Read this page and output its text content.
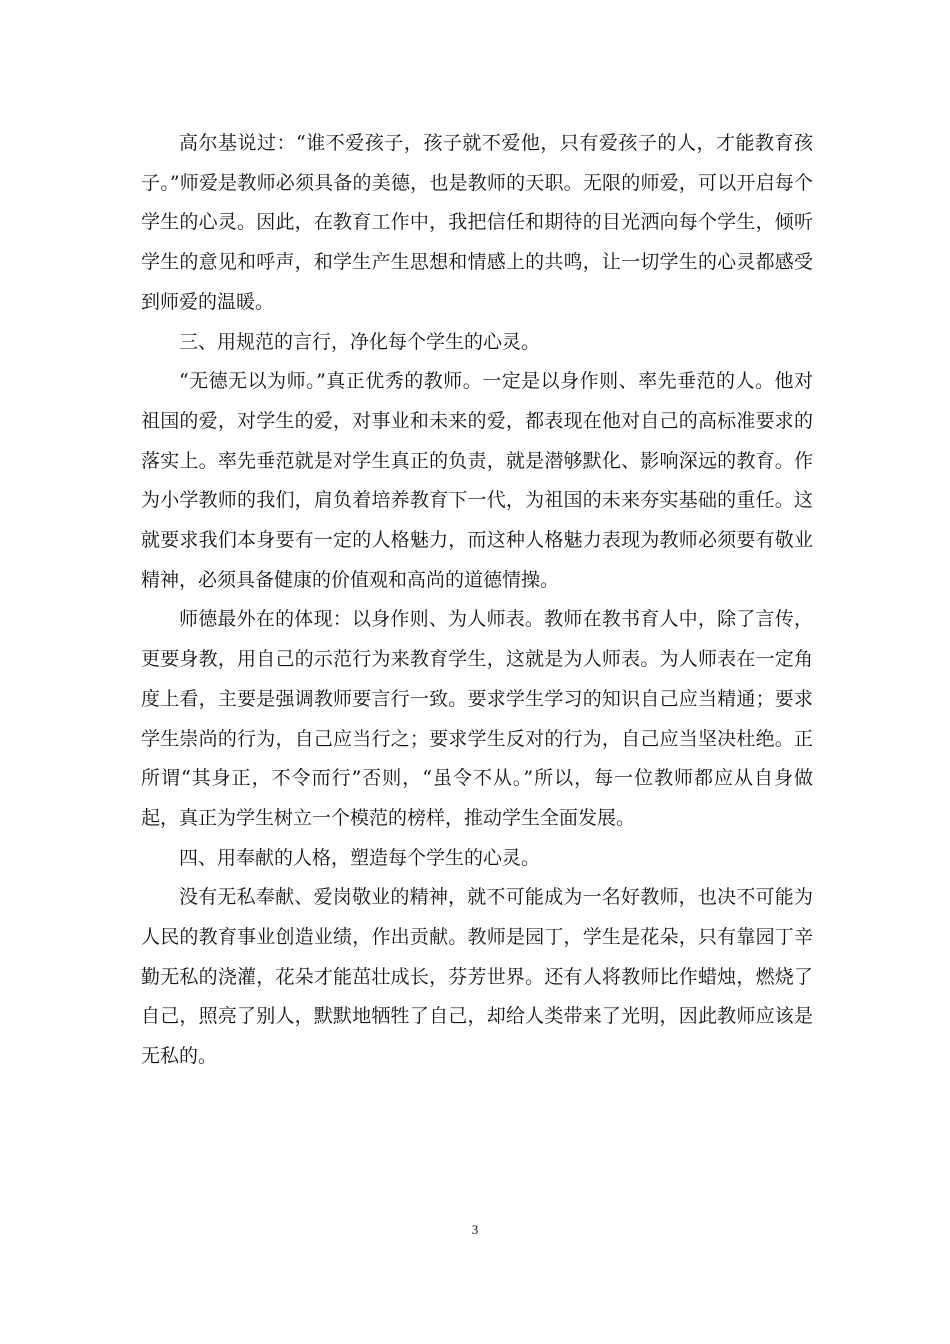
高尔基说过：“谁不爱孩子，孩子就不爱他，只有爱孩子的人，才能教育孩子。”师爱是教师必须具备的美德，也是教师的天职。无限的师爱，可以开启每个学生的心灵。因此，在教育工作中，我把信任和期待的目光洒向每个学生，倾听学生的意见和呼声，和学生产生思想和情感上的共鸣，让一切学生的心灵都感受到师爱的温暖。

三、用规范的言行，净化每个学生的心灵。

“无德无以为师。”真正优秀的教师。一定是以身作则、率先垂范的人。他对祖国的爱，对学生的爱，对事业和未来的爱，都表现在他对自己的高标准要求的落实上。率先垂范就是对学生真正的负责，就是潜够默化、影响深远的教育。作为小学教师的我们，肩负着培养教育下一代，为祖国的未来夯实基础的重任。这就要求我们本身要有一定的人格魅力，而这种人格魅力表现为教师必须要有敬业精神，必须具备健康的价值观和高尚的道德情操。

师德最外在的体现：以身作则、为人师表。教师在教书育人中，除了言传，更要身教，用自己的示范行为来教育学生，这就是为人师表。为人师表在一定角度上看，主要是强调教师要言行一致。要求学生学习的知识自己应当精通；要求学生崇尚的行为，自己应当行之；要求学生反对的行为，自己应当坚决杜绝。正所谓“其身正，不令而行”否则，“虽令不从。”所以，每一位教师都应从自身做起，真正为学生树立一个模范的榜样，推动学生全面发展。

四、用奉献的人格，塑造每个学生的心灵。

没有无私奉献、爱岗敬业的精神，就不可能成为一名好教师，也决不可能为人民的教育事业创造业绩，作出贡献。教师是园丁，学生是花朵，只有靠园丁辛勤无私的浇灌，花朵才能茁壮成长，芬芳世界。还有人将教师比作蜡烛，燃烧了自己，照亮了别人，默默地牺牲了自己，却给人类带来了光明，因此教师应该是无私的。

3
